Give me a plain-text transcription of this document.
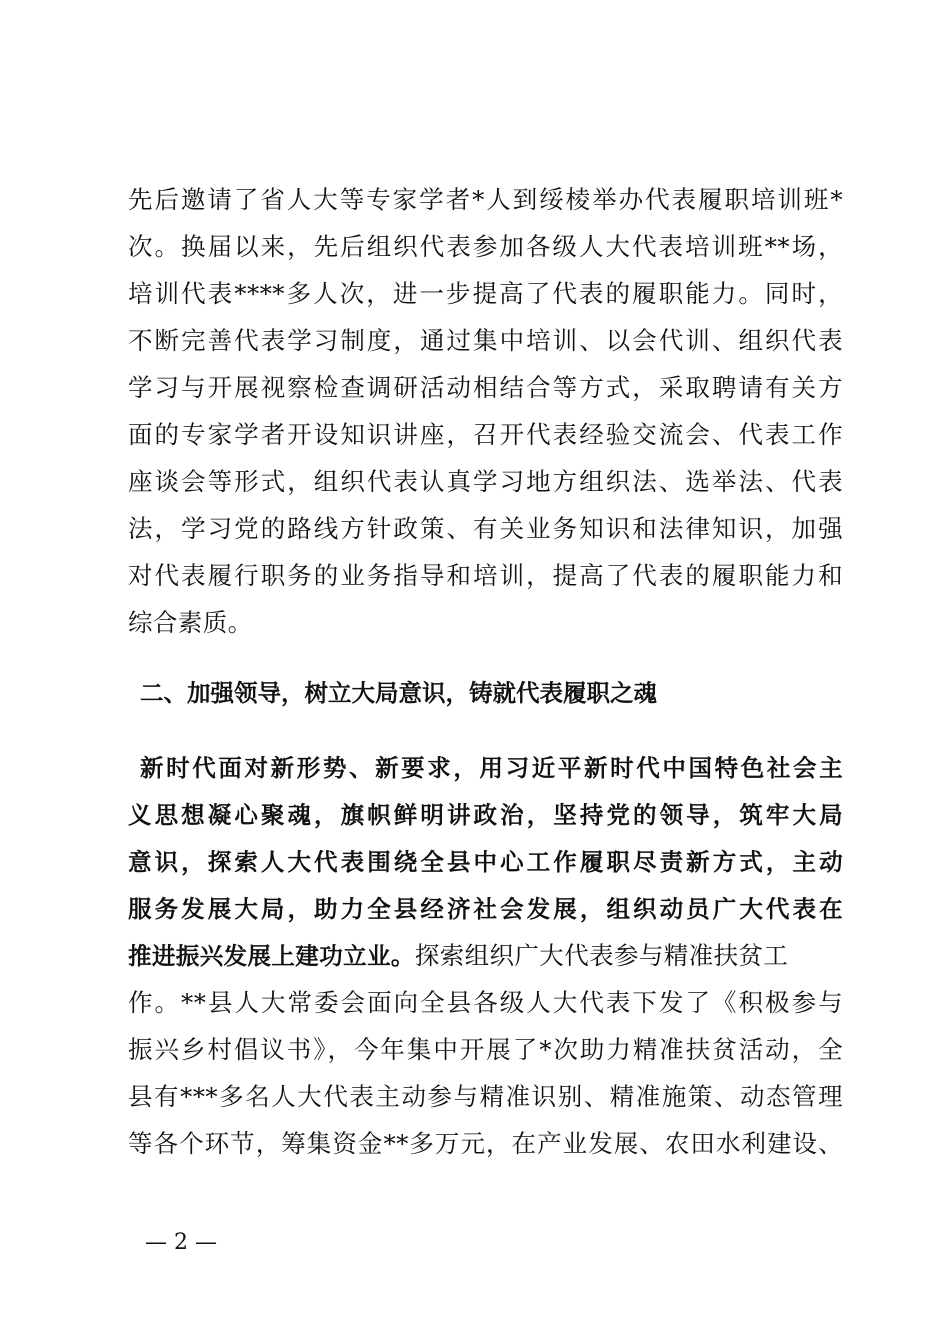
先后邀请了省人大等专家学者*人到绥棱举办代表履职培训班*
次。换届以来，先后组织代表参加各级人大代表培训班**场，
培训代表****多人次，进一步提高了代表的履职能力。同时，
不断完善代表学习制度，通过集中培训、以会代训、组织代表
学习与开展视察检查调研活动相结合等方式，采取聘请有关方
面的专家学者开设知识讲座，召开代表经验交流会、代表工作
座谈会等形式，组织代表认真学习地方组织法、选举法、代表
法，学习党的路线方针政策、有关业务知识和法律知识，加强
对代表履行职务的业务指导和培训，提高了代表的履职能力和
综合素质。
二、加强领导，树立大局意识，铸就代表履职之魂
新时代面对新形势、新要求，用习近平新时代中国特色社会主
义思想凝心聚魂，旗帜鲜明讲政治，坚持党的领导，筑牢大局
意识，探索人大代表围绕全县中心工作履职尽责新方式，主动
服务发展大局，助力全县经济社会发展，组织动员广大代表在
推进振兴发展上建功立业。探索组织广大代表参与精准扶贫工
作。**县人大常委会面向全县各级人大代表下发了《积极参与
振兴乡村倡议书》，今年集中开展了*次助力精准扶贫活动，全
县有***多名人大代表主动参与精准识别、精准施策、动态管理
等各个环节，筹集资金**多万元，在产业发展、农田水利建设、
— 2 —
